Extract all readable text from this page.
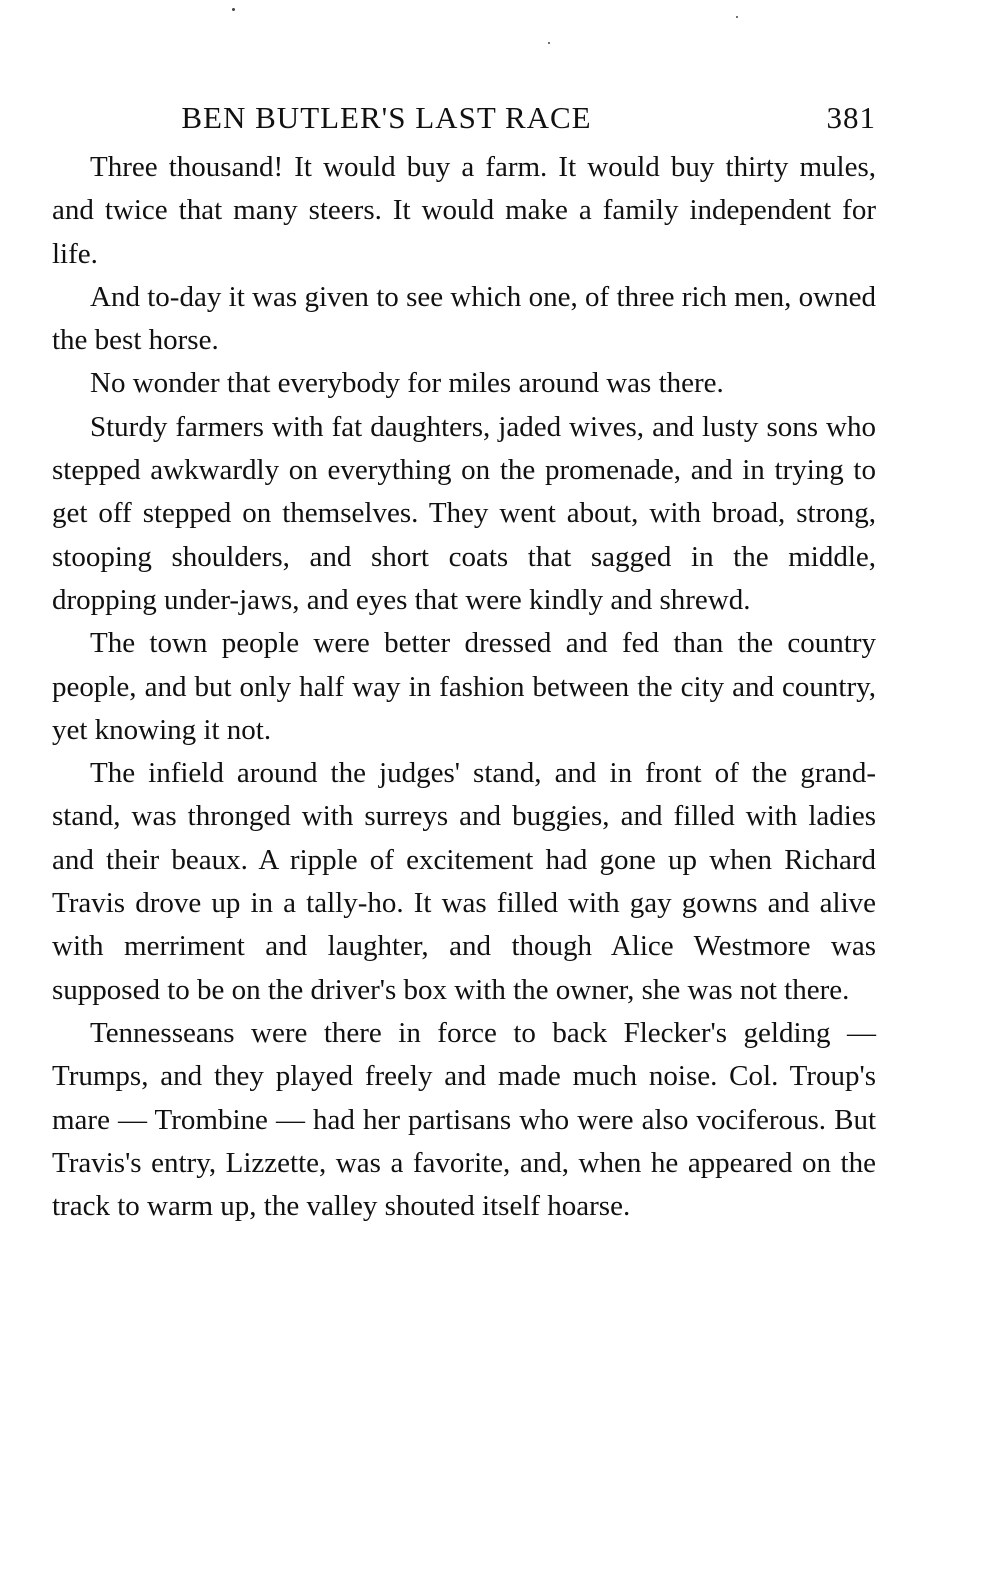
BEN BUTLER'S LAST RACE	381

Three thousand! It would buy a farm. It would buy thirty mules, and twice that many steers. It would make a family independent for life.

And to-day it was given to see which one, of three rich men, owned the best horse.

No wonder that everybody for miles around was there.

Sturdy farmers with fat daughters, jaded wives, and lusty sons who stepped awkwardly on everything on the promenade, and in trying to get off stepped on themselves. They went about, with broad, strong, stooping shoulders, and short coats that sagged in the middle, dropping under-jaws, and eyes that were kindly and shrewd.

The town people were better dressed and fed than the country people, and but only half way in fashion between the city and country, yet knowing it not.

The infield around the judges' stand, and in front of the grand-stand, was thronged with surreys and buggies, and filled with ladies and their beaux. A ripple of excitement had gone up when Richard Travis drove up in a tally-ho. It was filled with gay gowns and alive with merriment and laughter, and though Alice Westmore was supposed to be on the driver's box with the owner, she was not there.

Tennesseans were there in force to back Flecker's gelding — Trumps, and they played freely and made much noise. Col. Troup's mare — Trombine — had her partisans who were also vociferous. But Travis's entry, Lizzette, was a favorite, and, when he appeared on the track to warm up, the valley shouted itself hoarse.
